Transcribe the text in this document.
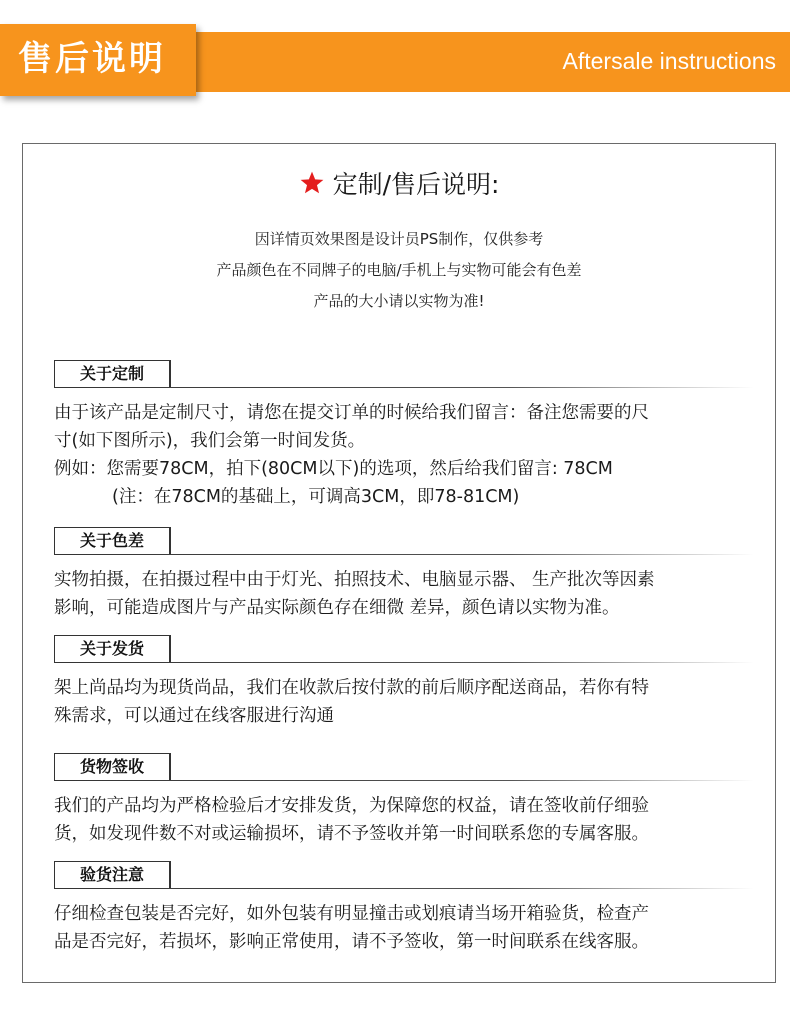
Aftersale instructions
售后说明
定制/售后说明:
因详情页效果图是设计员PS制作，仅供参考
产品颜色在不同牌子的电脑/手机上与实物可能会有色差
产品的大小请以实物为准!
关于定制

由于该产品是定制尺寸，请您在提交订单的时候给我们留言：备注您需要的尺

寸(如下图所示)，我们会第一时间发货。

例如：您需要78CM，拍下(80CM以下)的选项，然后给我们留言: 78CM

(注：在78CM的基础上，可调高3CM，即78-81CM)

关于色差

实物拍摄，在拍摄过程中由于灯光、拍照技术、电脑显示器、 生产批次等因素

影响，可能造成图片与产品实际颜色存在细微 差异，颜色请以实物为准。

关于发货

架上尚品均为现货尚品，我们在收款后按付款的前后顺序配送商品，若你有特

殊需求，可以通过在线客服进行沟通

货物签收

我们的产品均为严格检验后才安排发货，为保障您的权益，请在签收前仔细验

货，如发现件数不对或运输损坏，请不予签收并第一时间联系您的专属客服。

验货注意

仔细检查包装是否完好，如外包装有明显撞击或划痕请当场开箱验货，检查产

品是否完好，若损坏，影响正常使用，请不予签收，第一时间联系在线客服。
